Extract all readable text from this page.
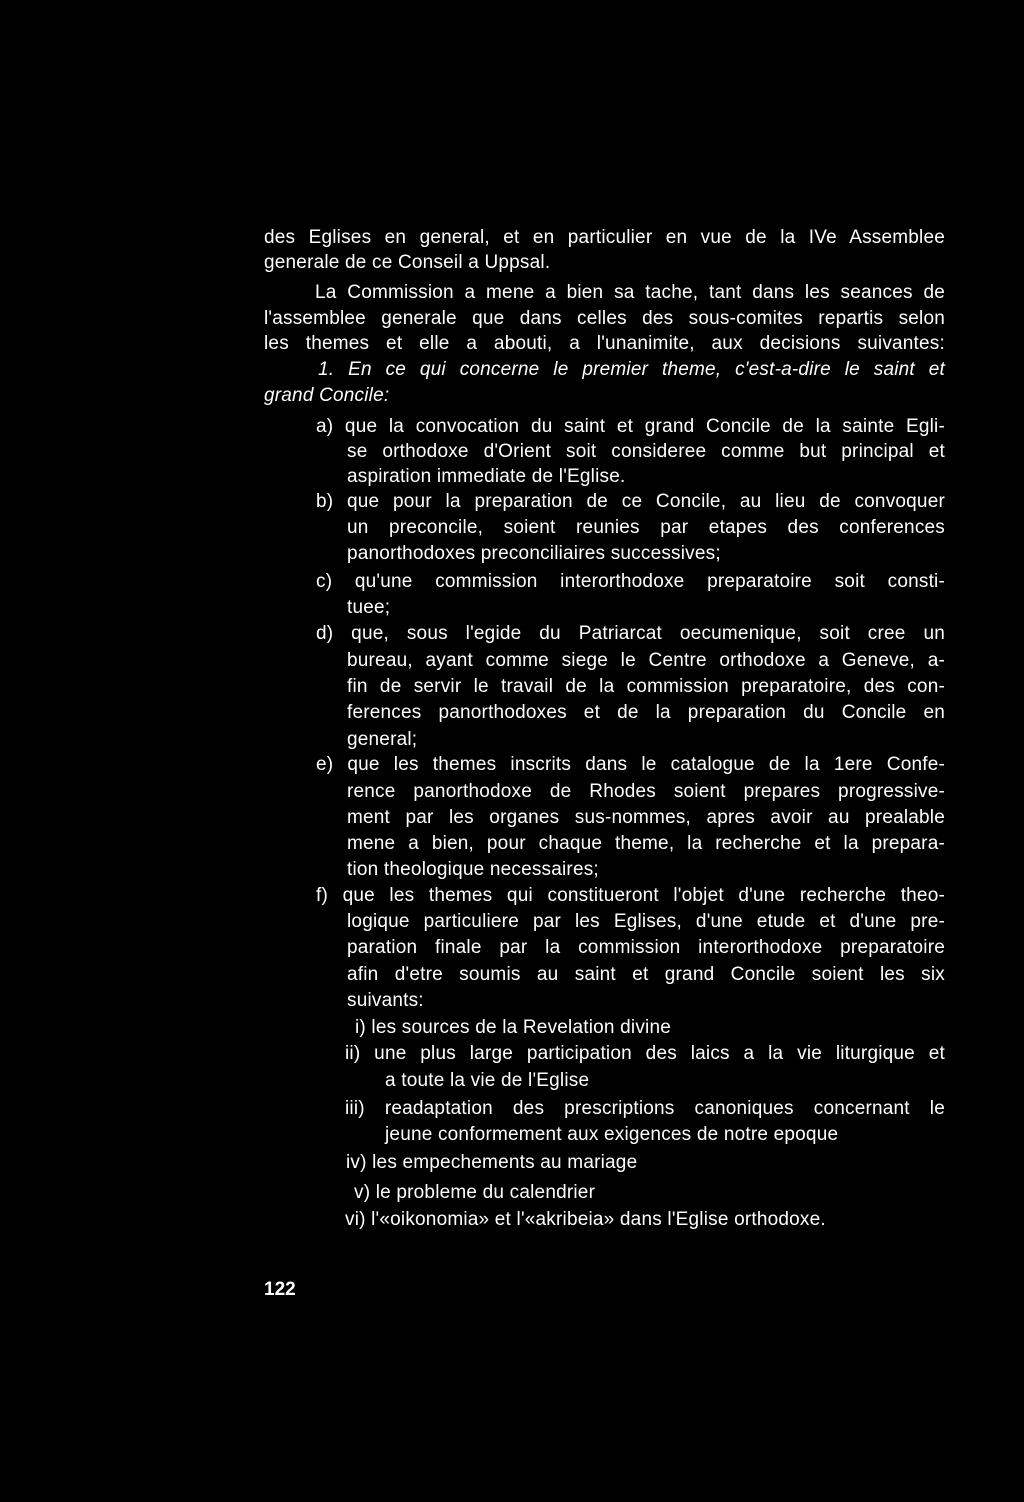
des Eglises en general, et en particulier en vue de la IVe Assemblee
generale de ce Conseil a Uppsal.
La Commission a mene a bien sa tache, tant dans les seances de
l'assemblee generale que dans celles des sous-comites repartis selon
les themes et elle a abouti, a l'unanimite, aux decisions suivantes:
1. En ce qui concerne le premier theme, c'est-a-dire le saint et
grand Concile:
a) que la convocation du saint et grand Concile de la sainte Egli-
se orthodoxe d'Orient soit consideree comme but principal et
aspiration immediate de l'Eglise.
b) que pour la preparation de ce Concile, au lieu de convoquer
un preconcile, soient reunies par etapes des conferences
panorthodoxes preconciliaires successives;
c) qu'une commission interorthodoxe preparatoire soit consti-
tuee;
d) que, sous l'egide du Patriarcat oecumenique, soit cree un
bureau, ayant comme siege le Centre orthodoxe a Geneve, a-
fin de servir le travail de la commission preparatoire, des con-
ferences panorthodoxes et de la preparation du Concile en
general;
e) que les themes inscrits dans le catalogue de la 1ere Confe-
rence panorthodoxe de Rhodes soient prepares progressive-
ment par les organes sus-nommes, apres avoir au prealable
mene a bien, pour chaque theme, la recherche et la prepara-
tion theologique necessaires;
f) que les themes qui constitueront l'objet d'une recherche theo-
logique particuliere par les Eglises, d'une etude et d'une pre-
paration finale par la commission interorthodoxe preparatoire
afin d'etre soumis au saint et grand Concile soient les six
suivants:
i) les sources de la Revelation divine
ii) une plus large participation des laics a la vie liturgique et
a toute la vie de l'Eglise
iii) readaptation des prescriptions canoniques concernant le
jeune conformement aux exigences de notre epoque
iv) les empechements au mariage
v) le probleme du calendrier
vi) l'«oikonomia» et l'«akribeia» dans l'Eglise orthodoxe.
122
